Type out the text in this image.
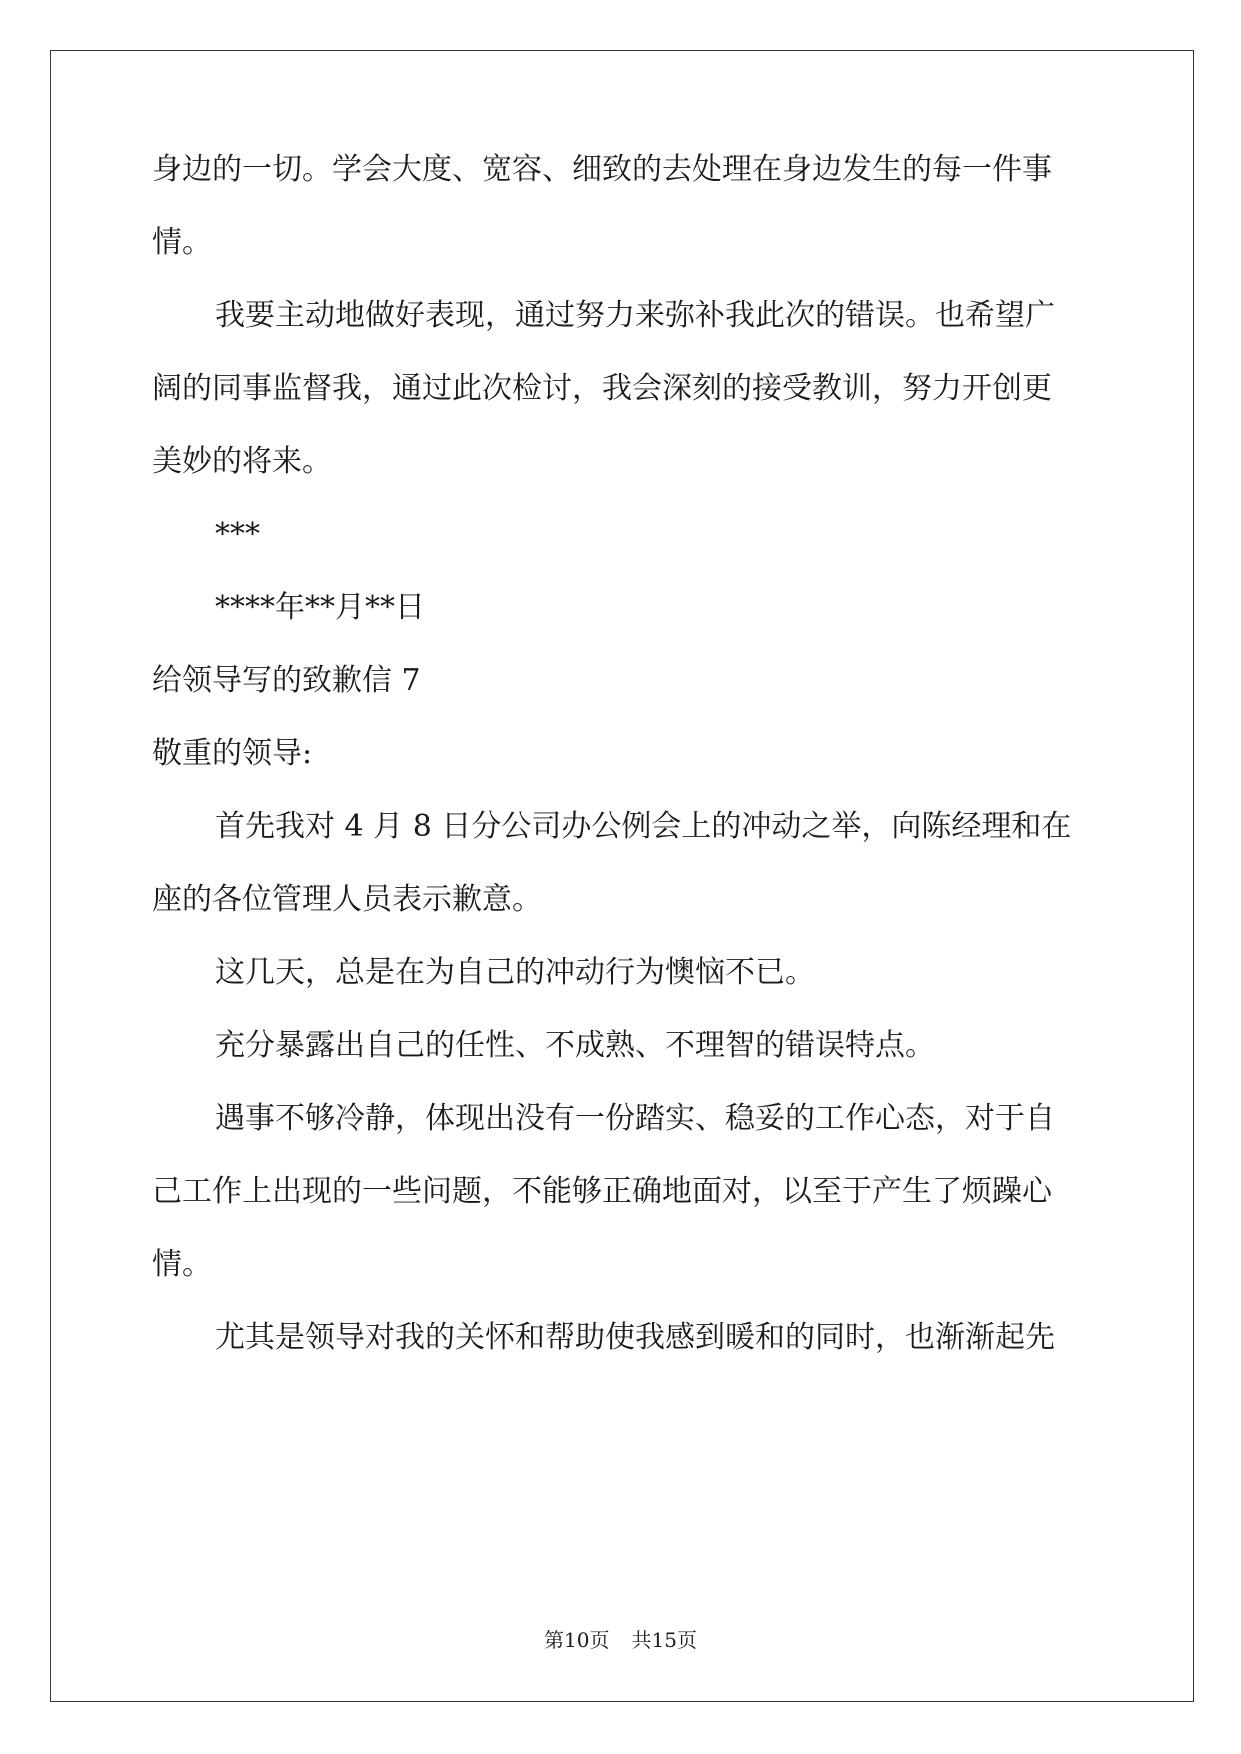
身边的一切。学会大度、宽容、细致的去处理在身边发生的每一件事
情。
我要主动地做好表现，通过努力来弥补我此次的错误。也希望广
阔的同事监督我，通过此次检讨，我会深刻的接受教训，努力开创更
美妙的将来。
***
****年**月**日
给领导写的致歉信 7
敬重的领导:
首先我对 4 月 8 日分公司办公例会上的冲动之举，向陈经理和在
座的各位管理人员表示歉意。
这几天，总是在为自己的冲动行为懊恼不已。
充分暴露出自己的任性、不成熟、不理智的错误特点。
遇事不够冷静，体现出没有一份踏实、稳妥的工作心态，对于自
己工作上出现的一些问题，不能够正确地面对，以至于产生了烦躁心
情。
尤其是领导对我的关怀和帮助使我感到暖和的同时，也渐渐起先
第10页 共15页
